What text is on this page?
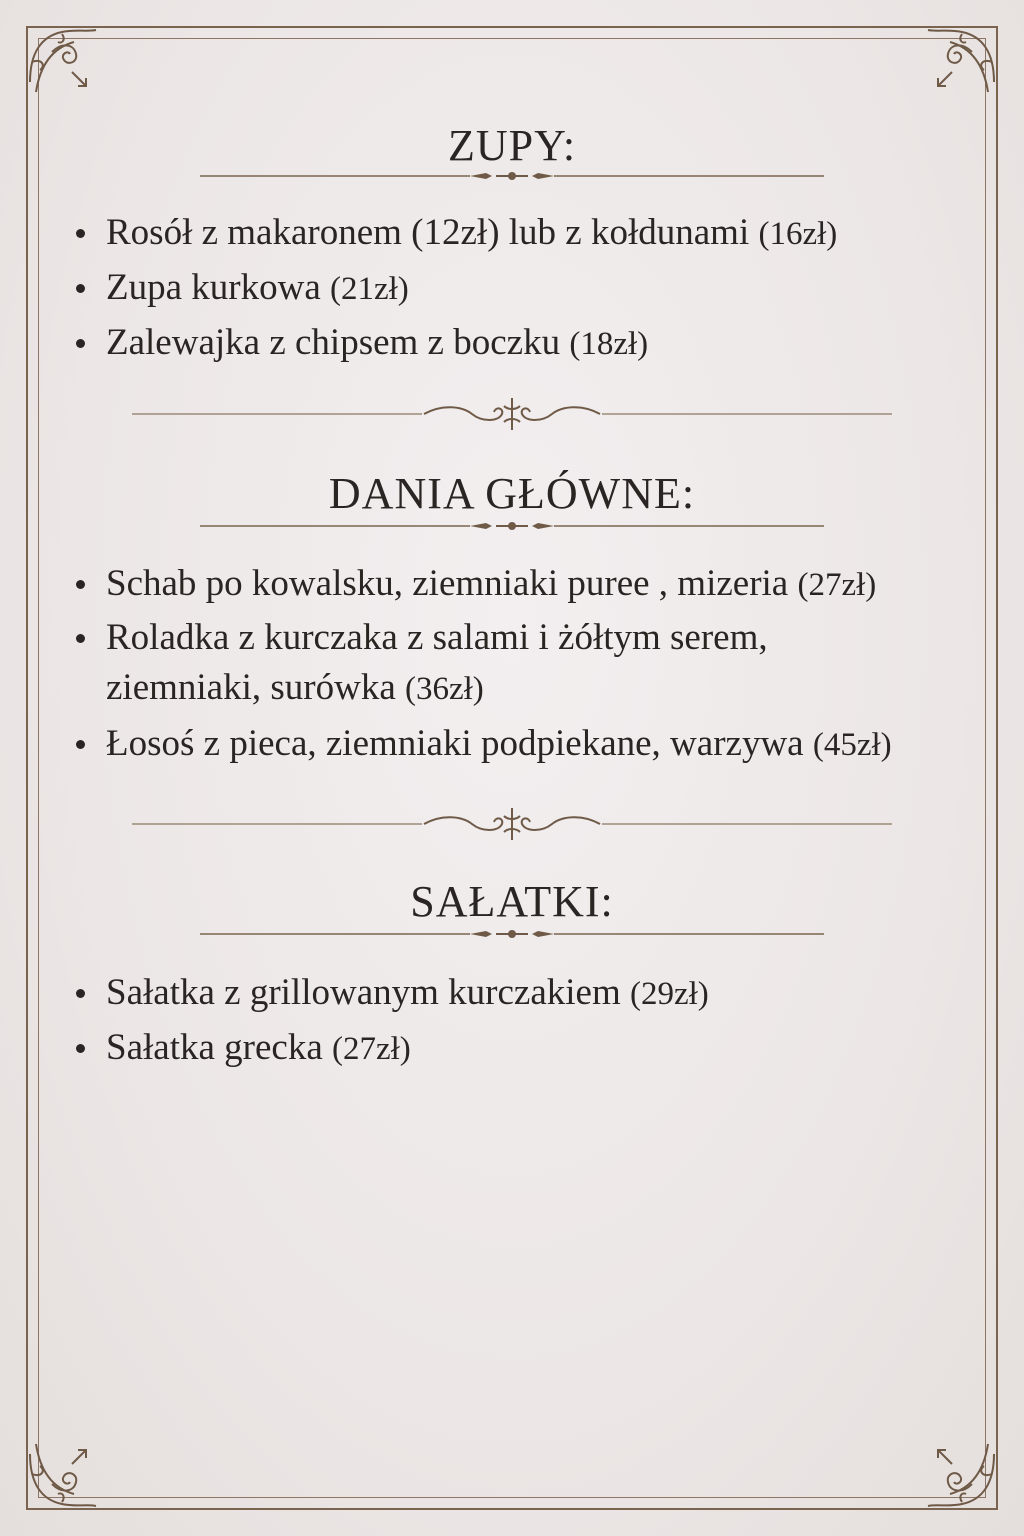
ZUPY:
Rosół z makaronem (12zł) lub z kołdunami (16zł)
Zupa kurkowa (21zł)
Zalewajka z chipsem z boczku (18zł)
DANIA GŁÓWNE:
Schab po kowalsku, ziemniaki puree , mizeria (27zł)
Roladka z kurczaka z salami i żółtym serem,
ziemniaki, surówka (36zł)
Łosoś z pieca, ziemniaki podpiekane, warzywa (45zł)
SAŁATKI:
Sałatka z grillowanym kurczakiem (29zł)
Sałatka grecka (27zł)
